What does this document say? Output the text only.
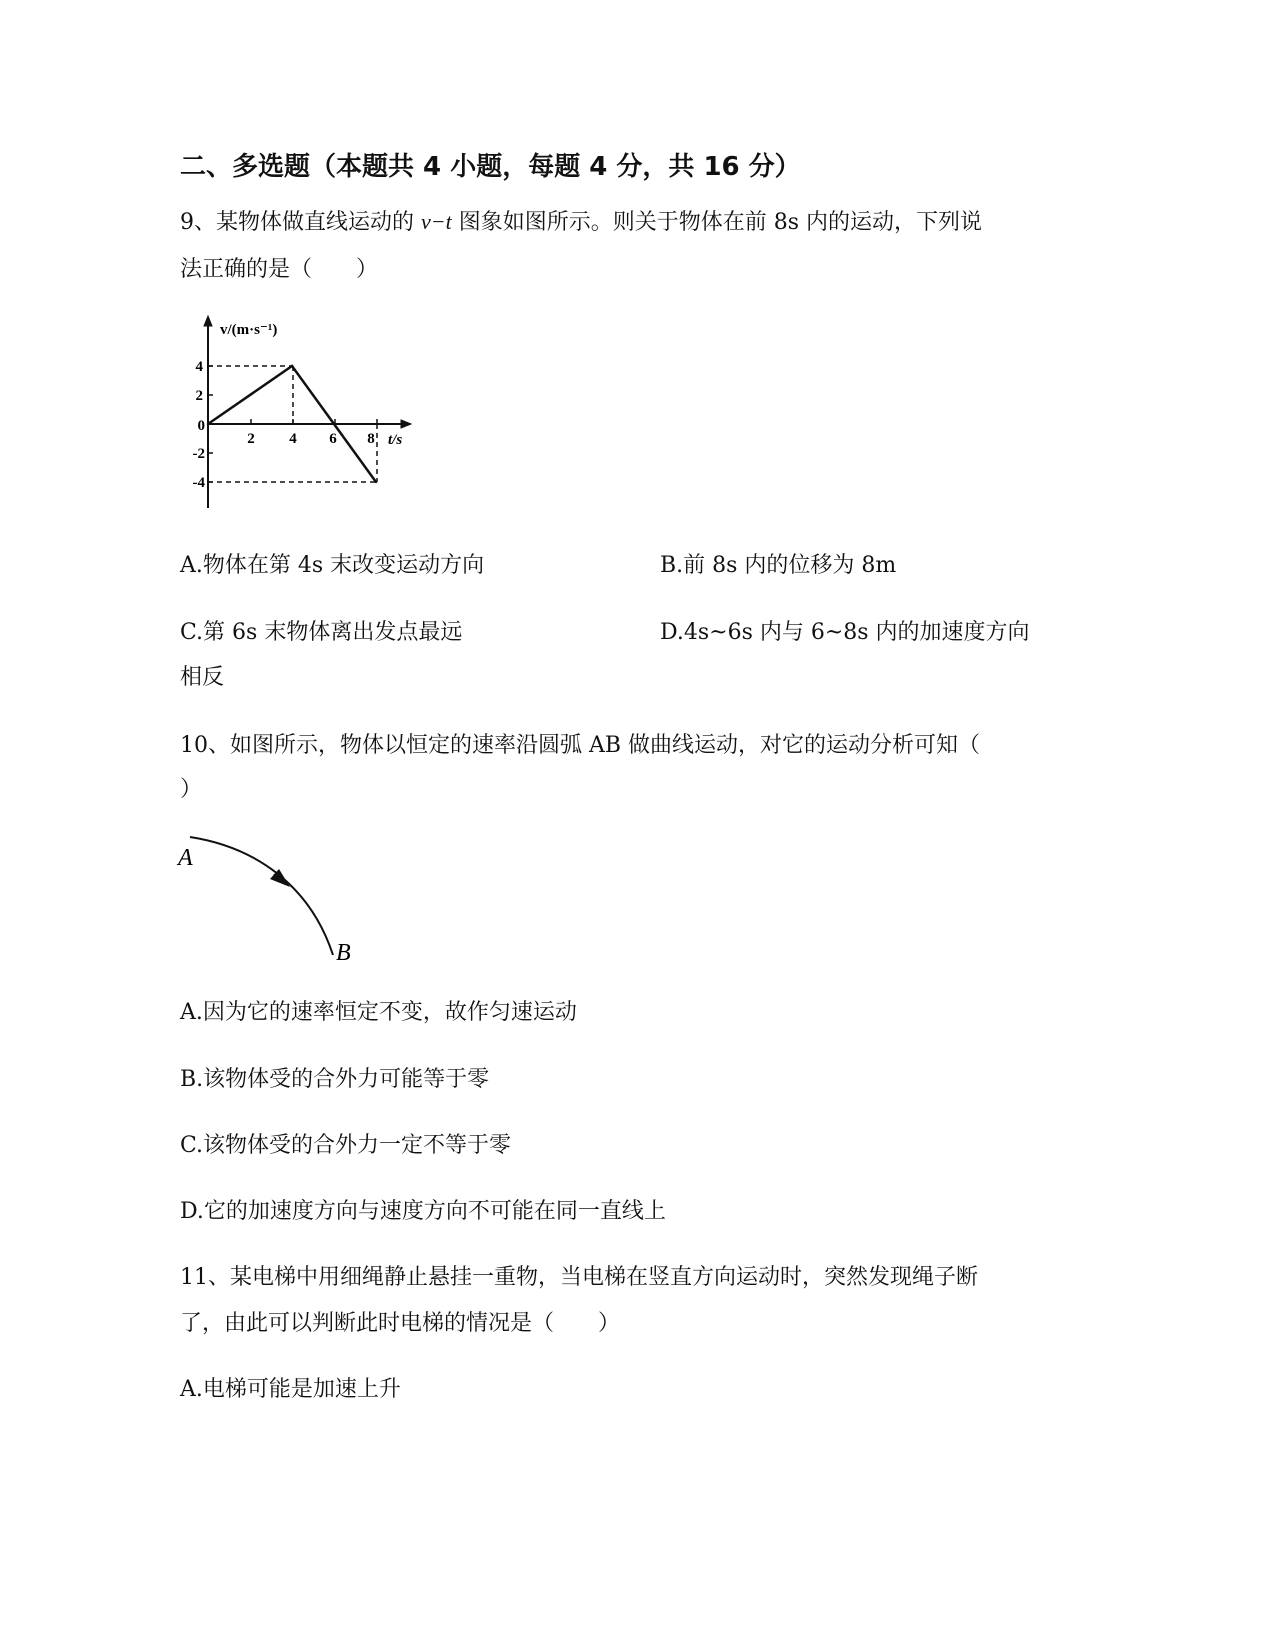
二、多选题（本题共 4 小题，每题 4 分，共 16 分）
9、某物体做直线运动的 v−t 图象如图所示。则关于物体在前 8s 内的运动，下列说
法正确的是（　　）
v/(m·s⁻¹)
t/s
4
2
0
-2
-4
2 4 6 8
A.物体在第 4s 末改变运动方向	B.前 8s 内的位移为 8m
C.第 6s 末物体离出发点最远	D.4s~6s 内与 6~8s 内的加速度方向
相反
10、如图所示，物体以恒定的速率沿圆弧 AB 做曲线运动，对它的运动分析可知（
）
A
B
A.因为它的速率恒定不变，故作匀速运动
B.该物体受的合外力可能等于零
C.该物体受的合外力一定不等于零
D.它的加速度方向与速度方向不可能在同一直线上
11、某电梯中用细绳静止悬挂一重物，当电梯在竖直方向运动时，突然发现绳子断
了，由此可以判断此时电梯的情况是（　　）
A.电梯可能是加速上升
